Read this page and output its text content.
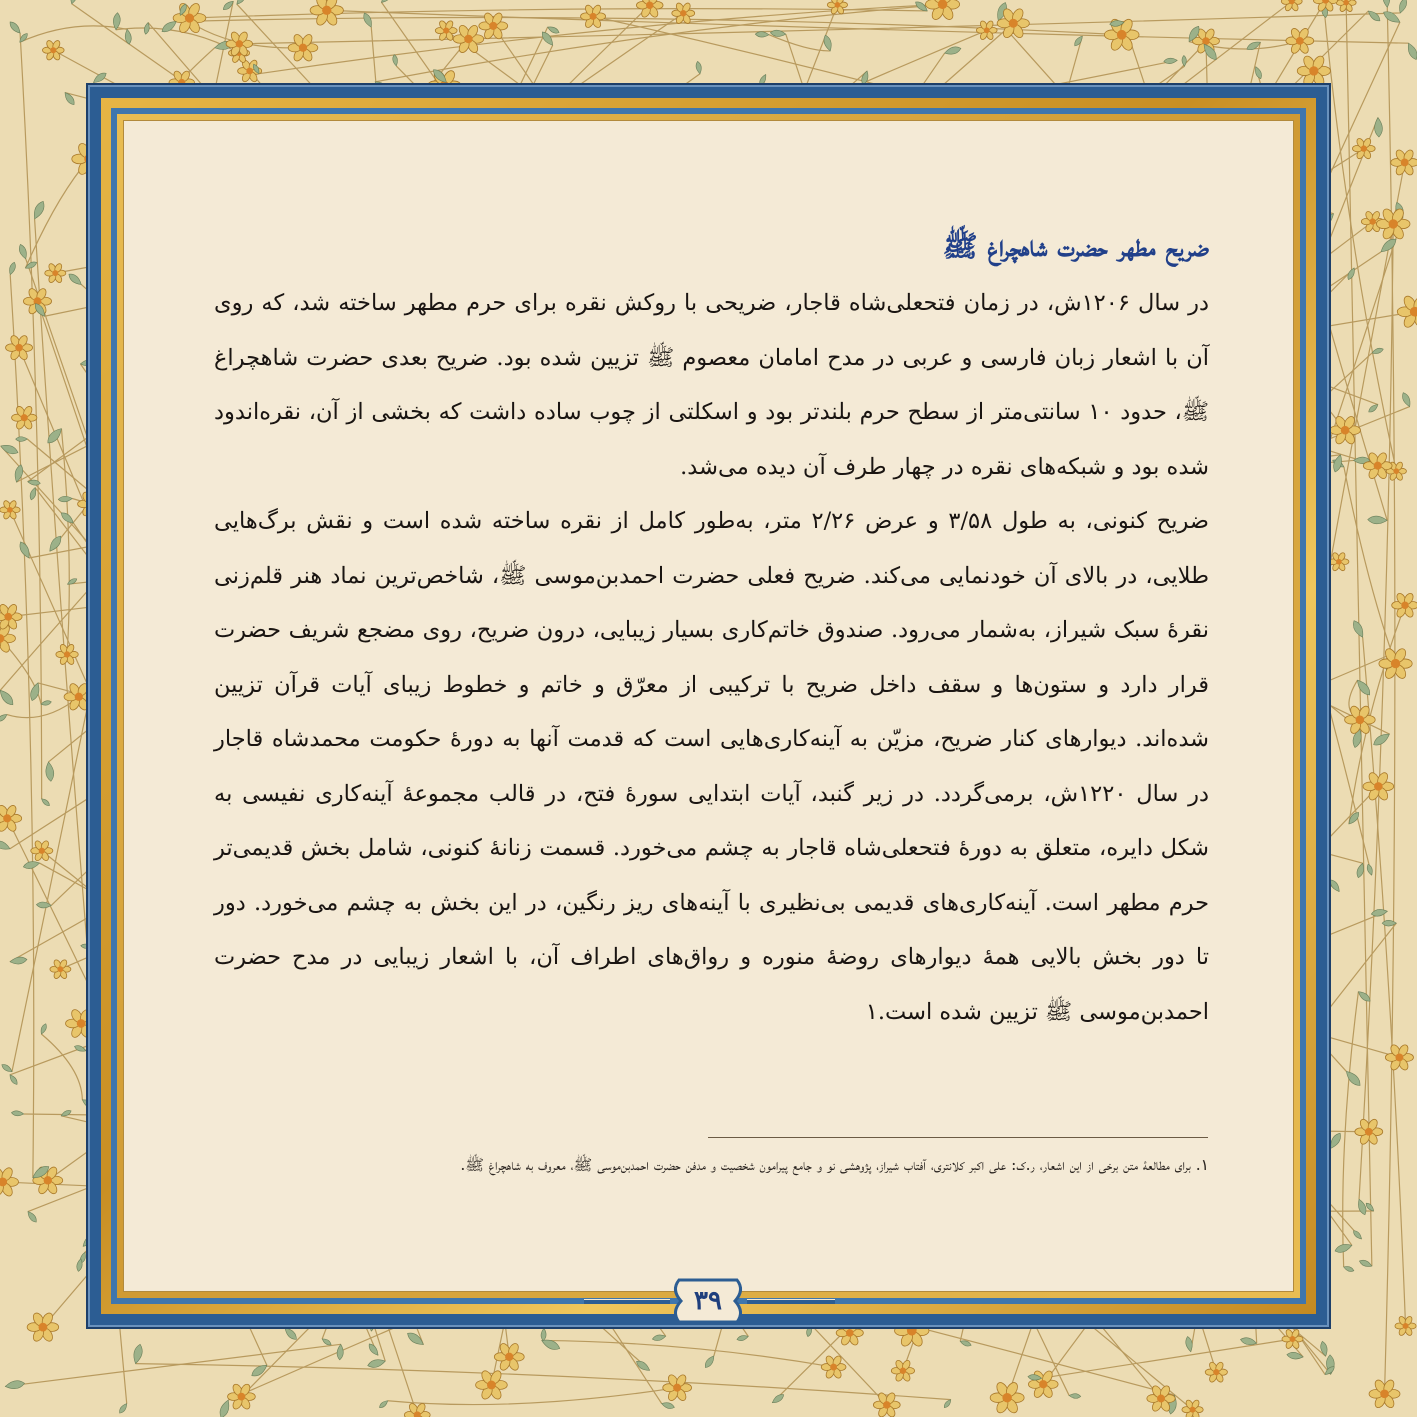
ضریح مطهر حضرت شاهچراغ ﷺ

در سال ۱۲۰۶ش، در زمان فتحعلی‌شاه قاجار، ضریحی با روکش نقره برای حرم مطهر ساخته شد، که روی آن با اشعار زبان فارسی و عربی در مدح امامان معصوم ﷺ تزیین شده بود. ضریح بعدی حضرت شاهچراغ ﷺ، حدود ۱۰ سانتی‌متر از سطح حرم بلندتر بود و اسکلتی از چوب ساده داشت که بخشی از آن، نقره‌اندود شده بود و شبکه‌های نقره در چهار طرف آن دیده می‌شد.

ضریح کنونی، به طول ۳/۵۸ و عرض ۲/۲۶ متر، به‌طور کامل از نقره ساخته شده است و نقش برگ‌هایی طلایی، در بالای آن خودنمایی می‌کند. ضریح فعلی حضرت احمدبن‌موسی ﷺ، شاخص‌ترین نماد هنر قلم‌زنی نقرهٔ سبک شیراز، به‌شمار می‌رود. صندوق خاتم‌کاری بسیار زیبایی، درون ضریح، روی مضجع شریف حضرت قرار دارد و ستون‌ها و سقف داخل ضریح با ترکیبی از معرّق و خاتم و خطوط زیبای آیات قرآن تزیین شده‌اند. دیوارهای کنار ضریح، مزیّن به آینه‌کاری‌هایی است که قدمت آنها به دورهٔ حکومت محمدشاه قاجار در سال ۱۲۲۰ش، برمی‌گردد. در زیر گنبد، آیات ابتدایی سورهٔ فتح، در قالب مجموعهٔ آینه‌کاری نفیسی به شکل دایره، متعلق به دورهٔ فتحعلی‌شاه قاجار به چشم می‌خورد. قسمت زنانهٔ کنونی، شامل بخش قدیمی‌تر حرم مطهر است. آینه‌کاری‌های قدیمی بی‌نظیری با آینه‌های ریز رنگین، در این بخش به چشم می‌خورد. دور تا دور بخش بالایی همهٔ دیوارهای روضهٔ منوره و رواق‌های اطراف آن، با اشعار زیبایی در مدح حضرت احمدبن‌موسی ﷺ تزیین شده است.۱

۱. برای مطالعهٔ متن برخی از این اشعار، ر.ک: علی اکبر کلانتری، آفتاب شیراز، پژوهشی نو و جامع پیرامون شخصیت و مدفن حضرت احمدبن‌موسی ﷺ، معروف به شاهچراغ ﷺ.

۳۹
